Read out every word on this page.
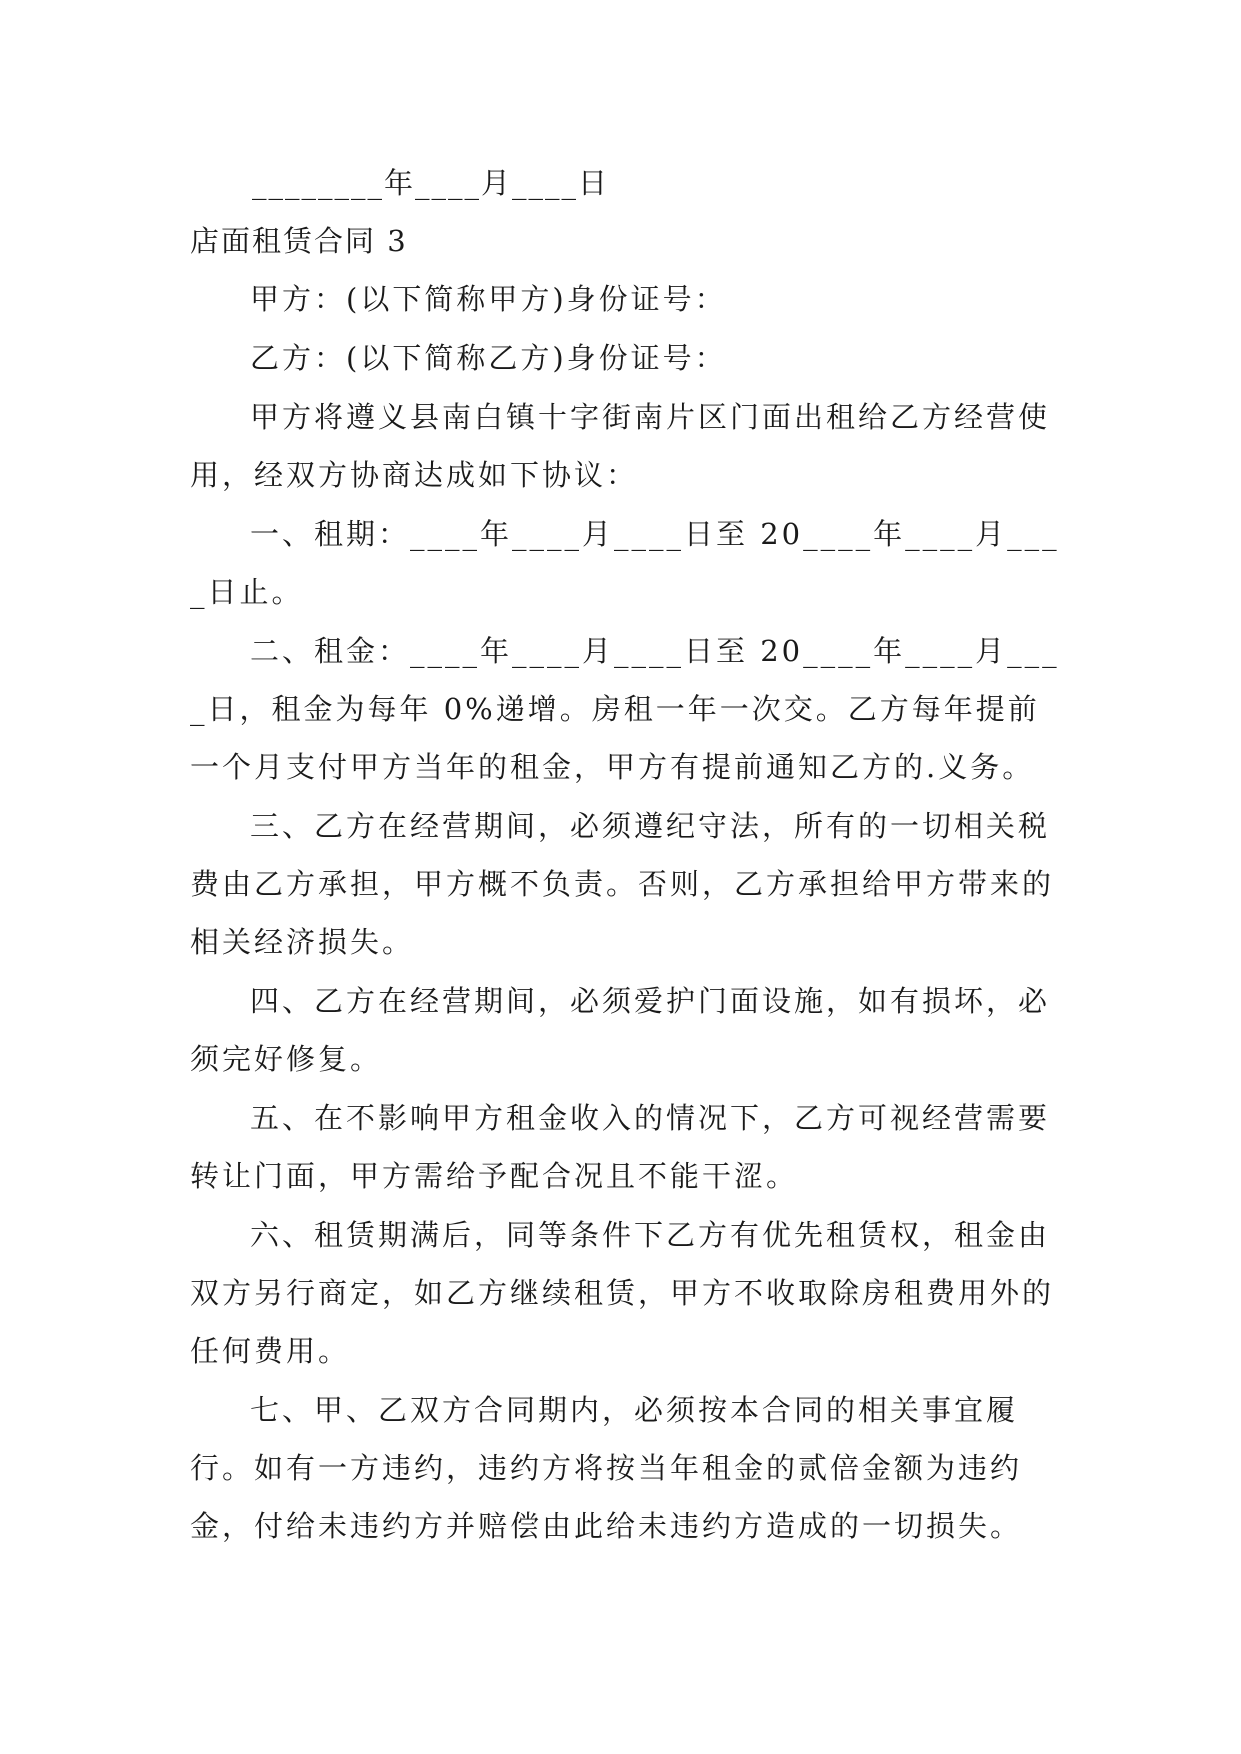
________年____月____日

店面租赁合同 3

甲方：(以下简称甲方)身份证号：

乙方：(以下简称乙方)身份证号：

甲方将遵义县南白镇十字街南片区门面出租给乙方经营使用，经双方协商达成如下协议：

一、租期：____年____月____日至 20____年____月____日止。

二、租金：____年____月____日至 20____年____月____日，租金为每年 0%递增。房租一年一次交。乙方每年提前一个月支付甲方当年的租金，甲方有提前通知乙方的.义务。

三、乙方在经营期间，必须遵纪守法，所有的一切相关税费由乙方承担，甲方概不负责。否则，乙方承担给甲方带来的相关经济损失。

四、乙方在经营期间，必须爱护门面设施，如有损坏，必须完好修复。

五、在不影响甲方租金收入的情况下，乙方可视经营需要转让门面，甲方需给予配合况且不能干涩。

六、租赁期满后，同等条件下乙方有优先租赁权，租金由双方另行商定，如乙方继续租赁，甲方不收取除房租费用外的任何费用。

七、甲、乙双方合同期内，必须按本合同的相关事宜履行。如有一方违约，违约方将按当年租金的贰倍金额为违约金，付给未违约方并赔偿由此给未违约方造成的一切损失。
